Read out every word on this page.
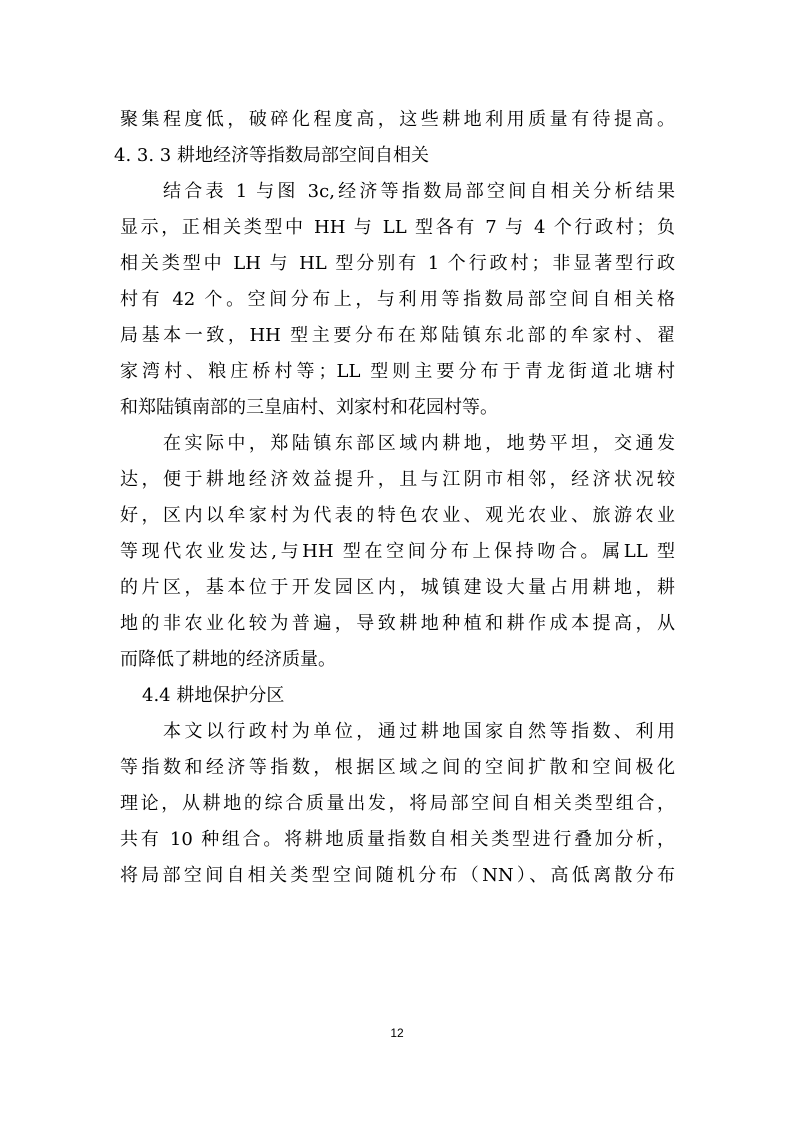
聚集程度低，破碎化程度高，这些耕地利用质量有待提高。
4. 3. 3 耕地经济等指数局部空间自相关
结合表 1 与图 3c,经济等指数局部空间自相关分析结果
显示，正相关类型中 HH 与 LL 型各有 7 与 4 个行政村；负
相关类型中 LH 与 HL 型分别有 1 个行政村；非显著型行政
村有 42 个。空间分布上，与利用等指数局部空间自相关格
局基本一致，HH 型主要分布在郑陆镇东北部的牟家村、翟
家湾村、粮庄桥村等；LL 型则主要分布于青龙街道北塘村
和郑陆镇南部的三皇庙村、刘家村和花园村等。
在实际中，郑陆镇东部区域内耕地，地势平坦，交通发
达，便于耕地经济效益提升，且与江阴市相邻，经济状况较
好，区内以牟家村为代表的特色农业、观光农业、旅游农业
等现代农业发达,与HH 型在空间分布上保持吻合。属LL 型
的片区，基本位于开发园区内，城镇建设大量占用耕地，耕
地的非农业化较为普遍，导致耕地种植和耕作成本提高，从
而降低了耕地的经济质量。
4.4 耕地保护分区
本文以行政村为单位，通过耕地国家自然等指数、利用
等指数和经济等指数，根据区域之间的空间扩散和空间极化
理论，从耕地的综合质量出发，将局部空间自相关类型组合，
共有 10 种组合。将耕地质量指数自相关类型进行叠加分析，
将局部空间自相关类型空间随机分布（NN）、高低离散分布
12
